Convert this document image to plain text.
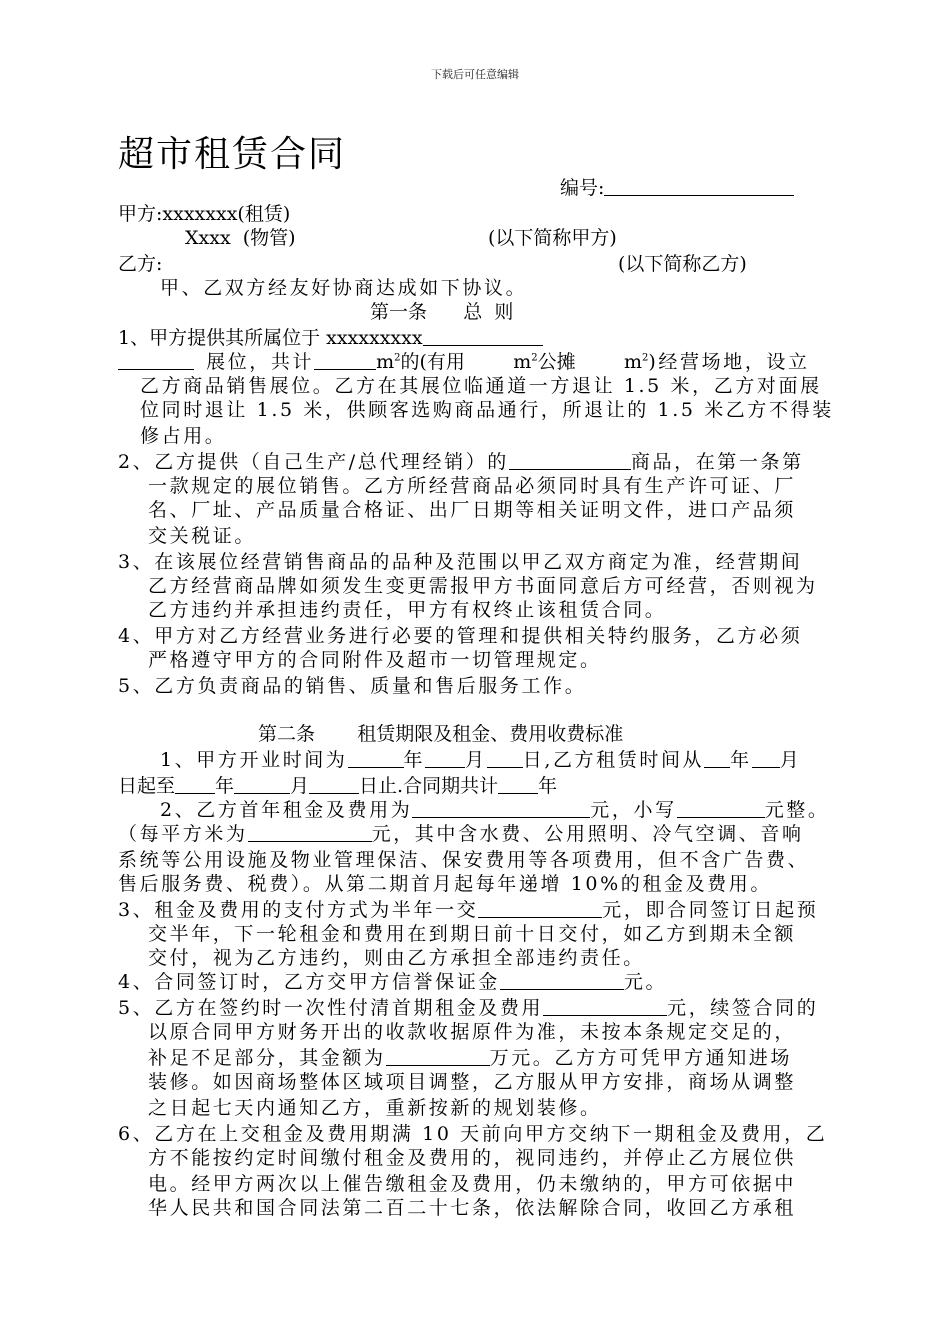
下载后可任意编辑
超市租赁合同
编号:
甲方:xxxxxxx(租赁)
Xxxx  (物管)	(以下简称甲方)
乙方:	(以下简称乙方)
甲、乙双方经友好协商达成如下协议。
第一条      总  则
1、甲方提供其所属位于 xxxxxxxxx
展位，共计	$m^2$的(有用	$m^2$公摊	$m^2$)经营场地，设立
乙方商品销售展位。乙方在其展位临通道一方退让 1.5 米，乙方对面展
位同时退让 1.5 米，供顾客选购商品通行，所退让的 1.5 米乙方不得装
修占用。
2、乙方提供（自己生产/总代理经销）的	商品，在第一条第
一款规定的展位销售。乙方所经营商品必须同时具有生产许可证、厂
名、厂址、产品质量合格证、出厂日期等相关证明文件，进口产品须
交关税证。
3、在该展位经营销售商品的品种及范围以甲乙双方商定为准，经营期间
乙方经营商品牌如须发生变更需报甲方书面同意后方可经营，否则视为
乙方违约并承担违约责任，甲方有权终止该租赁合同。
4、甲方对乙方经营业务进行必要的管理和提供相关特约服务，乙方必须
严格遵守甲方的合同附件及超市一切管理规定。
5、乙方负责商品的销售、质量和售后服务工作。
第二条       租赁期限及租金、费用收费标准
1、甲方开业时间为	年 月 日,乙方租赁时间从 年 月
日起至 年	月	日止.合同期共计 年
2、乙方首年租金及费用为	元，小写	元整。
（每平方米为	元，其中含水费、公用照明、冷气空调、音响
系统等公用设施及物业管理保洁、保安费用等各项费用，但不含广告费、
售后服务费、税费）。从第二期首月起每年递增 10%的租金及费用。
3、租金及费用的支付方式为半年一交	元，即合同签订日起预
交半年，下一轮租金和费用在到期日前十日交付，如乙方到期未全额
交付，视为乙方违约，则由乙方承担全部违约责任。
4、合同签订时，乙方交甲方信誉保证金	元。
5、乙方在签约时一次性付清首期租金及费用	元，续签合同的
以原合同甲方财务开出的收款收据原件为准，未按本条规定交足的，
补足不足部分，其金额为	万元。乙方方可凭甲方通知进场
装修。如因商场整体区域项目调整，乙方服从甲方安排，商场从调整
之日起七天内通知乙方，重新按新的规划装修。
6、乙方在上交租金及费用期满 10 天前向甲方交纳下一期租金及费用，乙
方不能按约定时间缴付租金及费用的，视同违约，并停止乙方展位供
电。经甲方两次以上催告缴租金及费用，仍未缴纳的，甲方可依据中
华人民共和国合同法第二百二十七条，依法解除合同，收回乙方承租
